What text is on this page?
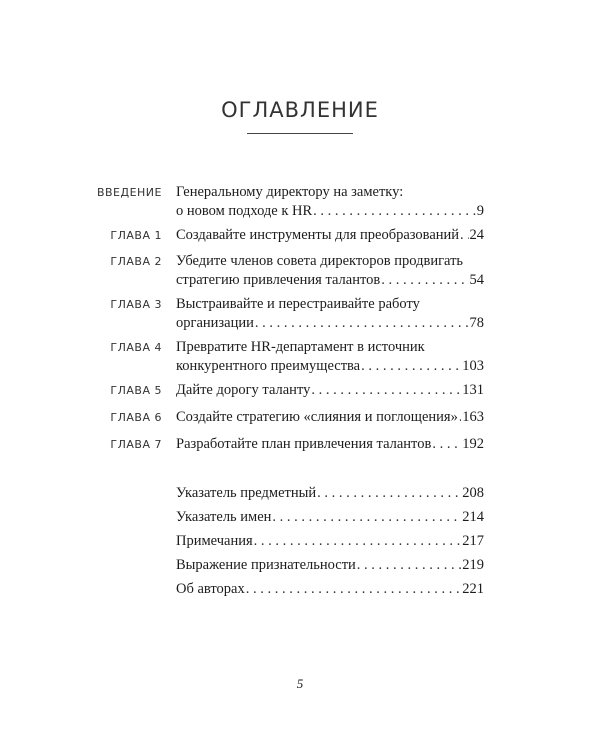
ОГЛАВЛЕНИЕ
ВВЕДЕНИЕ Генеральному директору на заметку:
о новом подходе к HR . . .	9
ГЛАВА 1 Создавайте инструменты для преобразований . . . 24
ГЛАВА 2 Убедите членов совета директоров продвигать
стратегию привлечения талантов . . .	54
ГЛАВА 3 Выстраивайте и перестраивайте работу
организации . . .	78
ГЛАВА 4 Превратите HR-департамент в источник
конкурентного преимущества . . .	103
ГЛАВА 5 Дайте дорогу таланту . . .	131
ГЛАВА 6 Создайте стратегию «слияния и поглощения» . . . 163
ГЛАВА 7 Разработайте план привлечения талантов . . . 192
Указатель предметный . . .	208
Указатель имен . . .	214
Примечания . . .	217
Выражение признательности . . .	219
Об авторах . . .	221
5
